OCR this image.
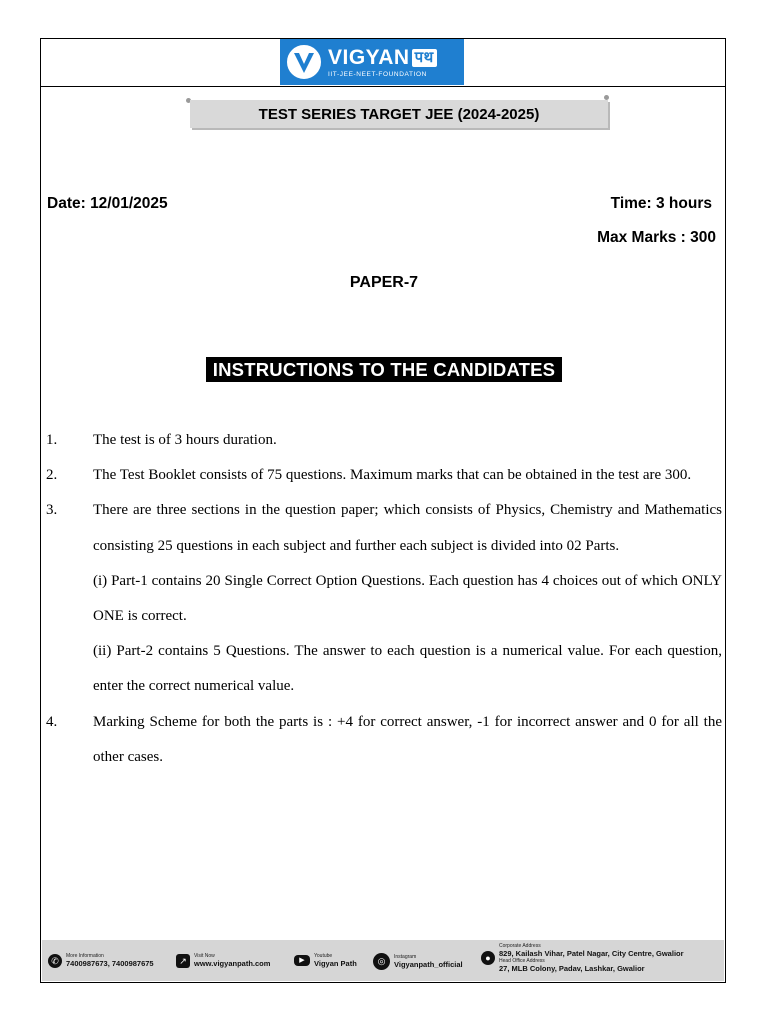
VIGYAN पथ
IIT-JEE-NEET-FOUNDATION
TEST SERIES TARGET JEE (2024-2025)
Date: 12/01/2025	Time: 3 hours
Max Marks : 300
PAPER-7
INSTRUCTIONS TO THE CANDIDATES
1. The test is of 3 hours duration.
2. The Test Booklet consists of 75 questions. Maximum marks that can be obtained in the test are 300.
3. There are three sections in the question paper; which consists of Physics, Chemistry and Mathematics consisting 25 questions in each subject and further each subject is divided into 02 Parts.
(i) Part-1 contains 20 Single Correct Option Questions. Each question has 4 choices out of which ONLY ONE is correct.
(ii) Part-2 contains 5 Questions. The answer to each question is a numerical value. For each question, enter the correct numerical value.
4. Marking Scheme for both the parts is : +4 for correct answer, -1 for incorrect answer and 0 for all the other cases.
✆	More Information
7400987673, 7400987675	↗	Visit Now
www.vigyanpath.com	▶
Youtube
Vigyan Path	◎	Instagram
Vigyanpath_official
●
Corporate Address
829, Kailash Vihar, Patel Nagar, City Centre, Gwalior
Head Office Address
27, MLB Colony, Padav, Lashkar, Gwalior
